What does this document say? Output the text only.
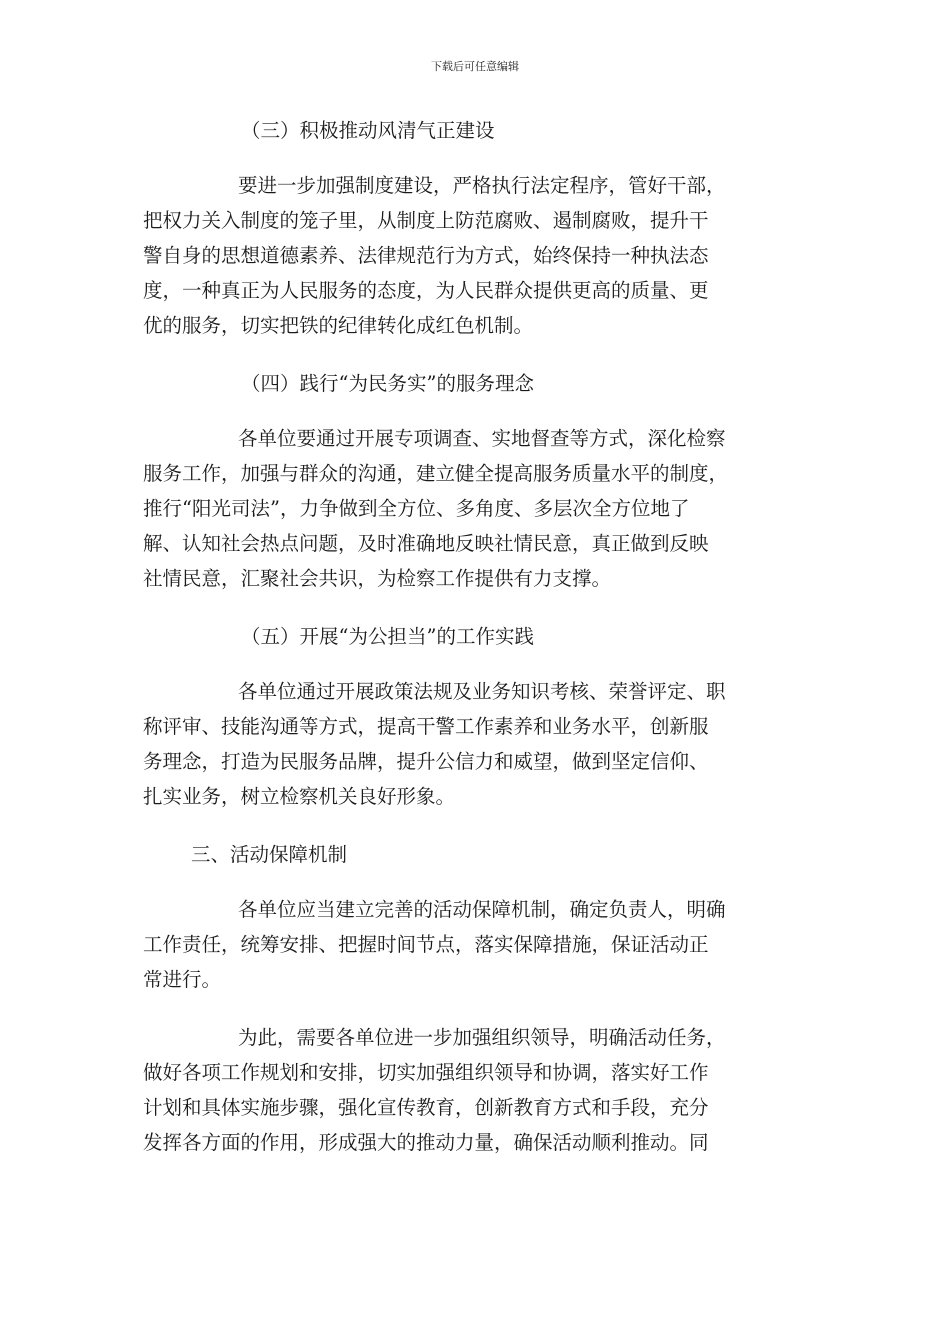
下载后可任意编辑

（三）积极推动风清气正建设

要进一步加强制度建设，严格执行法定程序，管好干部，
把权力关入制度的笼子里，从制度上防范腐败、遏制腐败，提升干
警自身的思想道德素养、法律规范行为方式，始终保持一种执法态
度，一种真正为人民服务的态度，为人民群众提供更高的质量、更
优的服务，切实把铁的纪律转化成红色机制。

（四）践行“为民务实”的服务理念

各单位要通过开展专项调查、实地督查等方式，深化检察
服务工作，加强与群众的沟通，建立健全提高服务质量水平的制度，
推行“阳光司法”，力争做到全方位、多角度、多层次全方位地了
解、认知社会热点问题，及时准确地反映社情民意，真正做到反映
社情民意，汇聚社会共识，为检察工作提供有力支撑。

（五）开展“为公担当”的工作实践

各单位通过开展政策法规及业务知识考核、荣誉评定、职
称评审、技能沟通等方式，提高干警工作素养和业务水平，创新服
务理念，打造为民服务品牌，提升公信力和威望，做到坚定信仰、
扎实业务，树立检察机关良好形象。

三、活动保障机制

各单位应当建立完善的活动保障机制，确定负责人，明确
工作责任，统筹安排、把握时间节点，落实保障措施，保证活动正
常进行。

为此，需要各单位进一步加强组织领导，明确活动任务，
做好各项工作规划和安排，切实加强组织领导和协调，落实好工作
计划和具体实施步骤，强化宣传教育，创新教育方式和手段，充分
发挥各方面的作用，形成强大的推动力量，确保活动顺利推动。同
